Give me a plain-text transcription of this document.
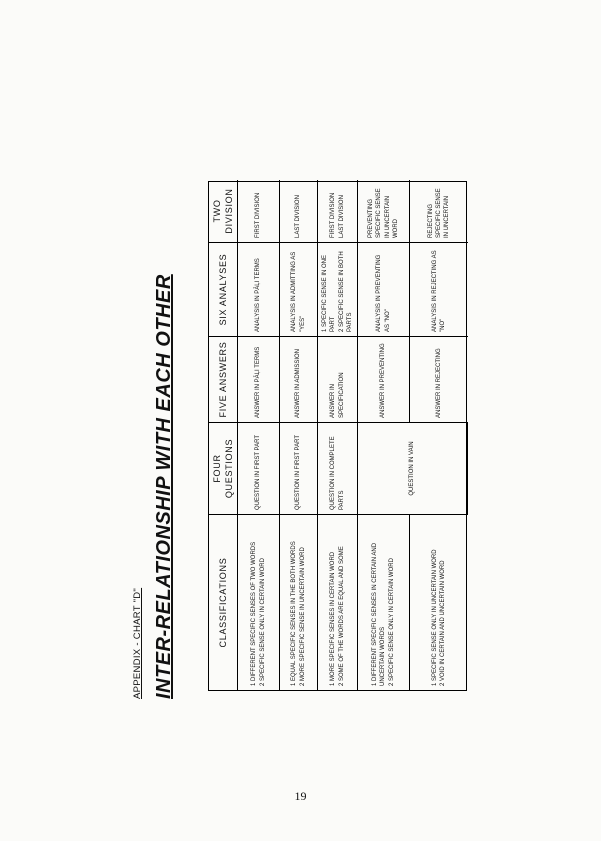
APPENDIX - CHART "D" INTER-RELATIONSHIP WITH EACH OTHER	CLASSIFICATIONS
FOUR QUESTIONS
FIVE ANSWERS
SIX ANALYSES
TWO DIVISION
1 DIFFERENT SPECIFIC SENSES OF TWO WORDS 2 SPECIFIC SENSE ONLY IN CERTAIN WORD
QUESTION IN FIRST PART
ANSWER IN PĀḶI TERMS
ANALYSIS IN PĀḶI TERMS
FIRST DIVISION
1 EQUAL SPECIFIC SENSES IN THE BOTH WORDS 2 MORE SPECIFIC SENSE IN UNCERTAIN WORD
QUESTION IN FIRST PART
ANSWER IN ADMISSION
ANALYSIS IN ADMITTING AS "YES"
LAST DIVISION
1 MORE SPECIFIC SENSES IN CERTAIN WORD 2 SOME OF THE WORDS ARE EQUAL AND SOME
QUESTION IN COMPLETE PARTS
ANSWER IN SPECIFICATION
1 SPECIFIC SENSE IN ONE PART 2 SPECIFIC SENSE IN BOTH PARTS
FIRST DIVISION LAST DIVISION
1 DIFFERENT SPECIFIC SENSES IN CERTAIN AND UNCERTAIN WORDS 2 SPECIFIC SENSE ONLY IN CERTAIN WORD
QUESTION IN VAIN
ANSWER IN PREVENTING
ANALYSIS IN PREVENTING AS "NO"
PREVENTING SPECIFIC SENSE IN UNCERTAIN WORD
1 SPECIFIC SENSE ONLY IN UNCERTAIN WORD 2 VOID IN CERTAIN AND UNCERTAIN WORD
ANSWER IN REJECTING
ANALYSIS IN REJECTING AS "NO"
REJECTING SPECIFIC SENSE IN UNCERTAIN
19
